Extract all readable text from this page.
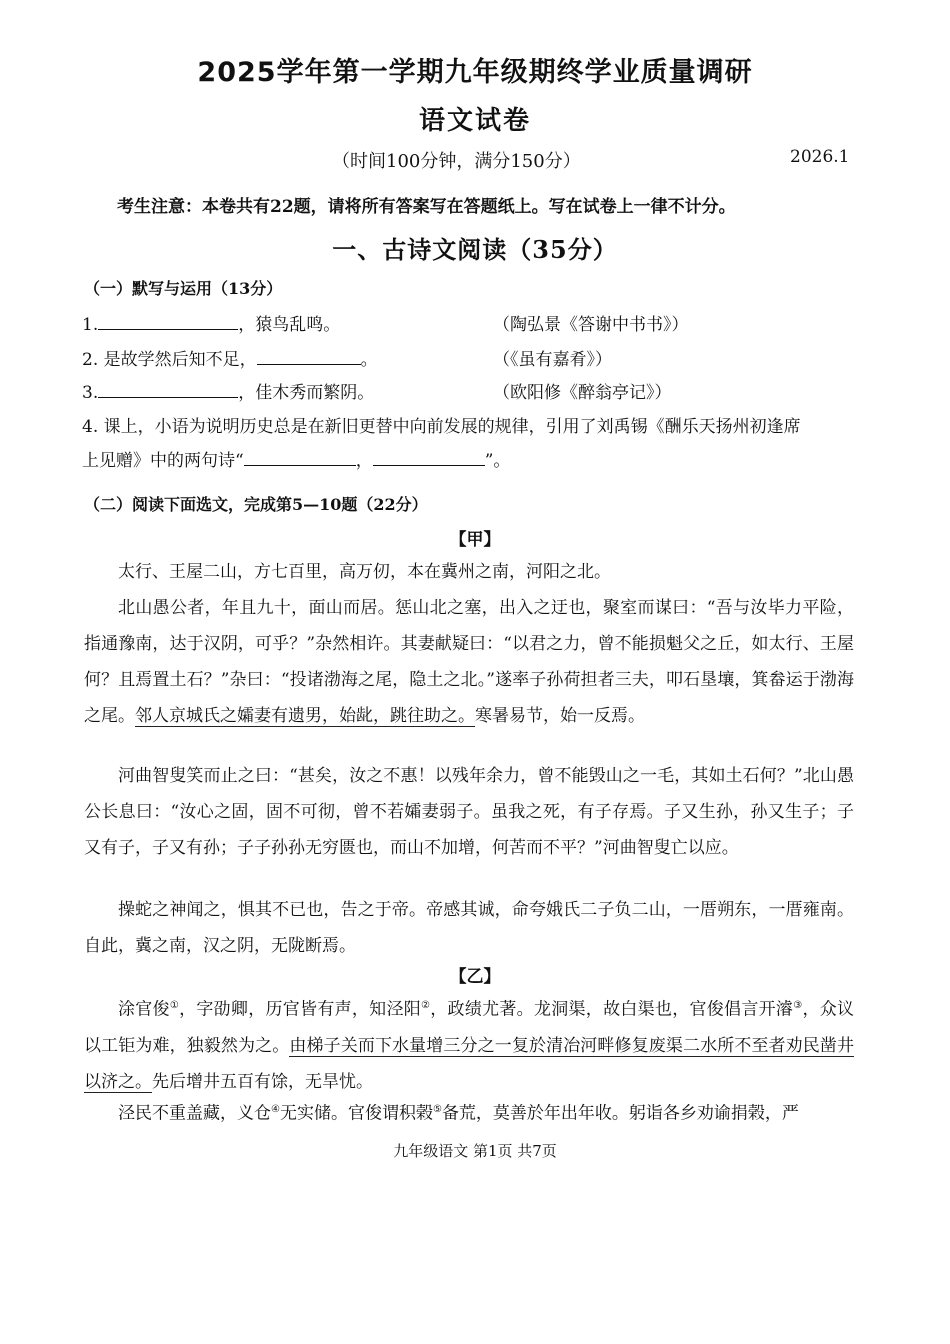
2025学年第一学期九年级期终学业质量调研
语文试卷
（时间100分钟，满分150分）	2026.1
考生注意：本卷共有22题，请将所有答案写在答题纸上。写在试卷上一律不计分。
一、古诗文阅读（35分）
（一）默写与运用（13分）
1.	，猿鸟乱鸣。	（陶弘景《答谢中书书》）
2. 是故学然后知不足，	。	（《虽有嘉肴》）
3.	，佳木秀而繁阴。	（欧阳修《醉翁亭记》）
4. 课上，小语为说明历史总是在新旧更替中向前发展的规律，引用了刘禹锡《酬乐天扬州初逢席
上见赠》中的两句诗“	，	”。
（二）阅读下面选文，完成第5—10题（22分）
【甲】
太行、王屋二山，方七百里，高万仞，本在冀州之南，河阳之北。
北山愚公者，年且九十，面山而居。惩山北之塞，出入之迂也，聚室而谋曰：“吾与汝毕力平险，指通豫南，达于汉阴，可乎？”杂然相许。其妻献疑曰：“以君之力，曾不能损魁父之丘，如太行、王屋何？且焉置土石？”杂曰：“投诸渤海之尾，隐土之北。”遂率子孙荷担者三夫，叩石垦壤，箕畚运于渤海之尾。邻人京城氏之孀妻有遗男，始龀，跳往助之。寒暑易节，始一反焉。
河曲智叟笑而止之曰：“甚矣，汝之不惠！以残年余力，曾不能毁山之一毛，其如土石何？”北山愚公长息曰：“汝心之固，固不可彻，曾不若孀妻弱子。虽我之死，有子存焉。子又生孙，孙又生子；子又有子，子又有孙；子子孙孙无穷匮也，而山不加增，何苦而不平？”河曲智叟亡以应。
操蛇之神闻之，惧其不已也，告之于帝。帝感其诚，命夸娥氏二子负二山，一厝朔东，一厝雍南。自此，冀之南，汉之阴，无陇断焉。
【乙】
涂官俊①，字劭卿，历官皆有声，知泾阳②，政绩尤著。龙洞渠，故白渠也，官俊倡言开濬③，众议以工钜为难，独毅然为之。由梯子关而下水量增三分之一复於清冶河畔修复废渠二水所不至者劝民凿井以济之。先后增井五百有馀，无旱忧。
泾民不重盖藏，义仓④无实储。官俊谓积榖⑤备荒，莫善於年出年收。躬诣各乡劝谕捐榖，严
九年级语文 第1页 共7页
